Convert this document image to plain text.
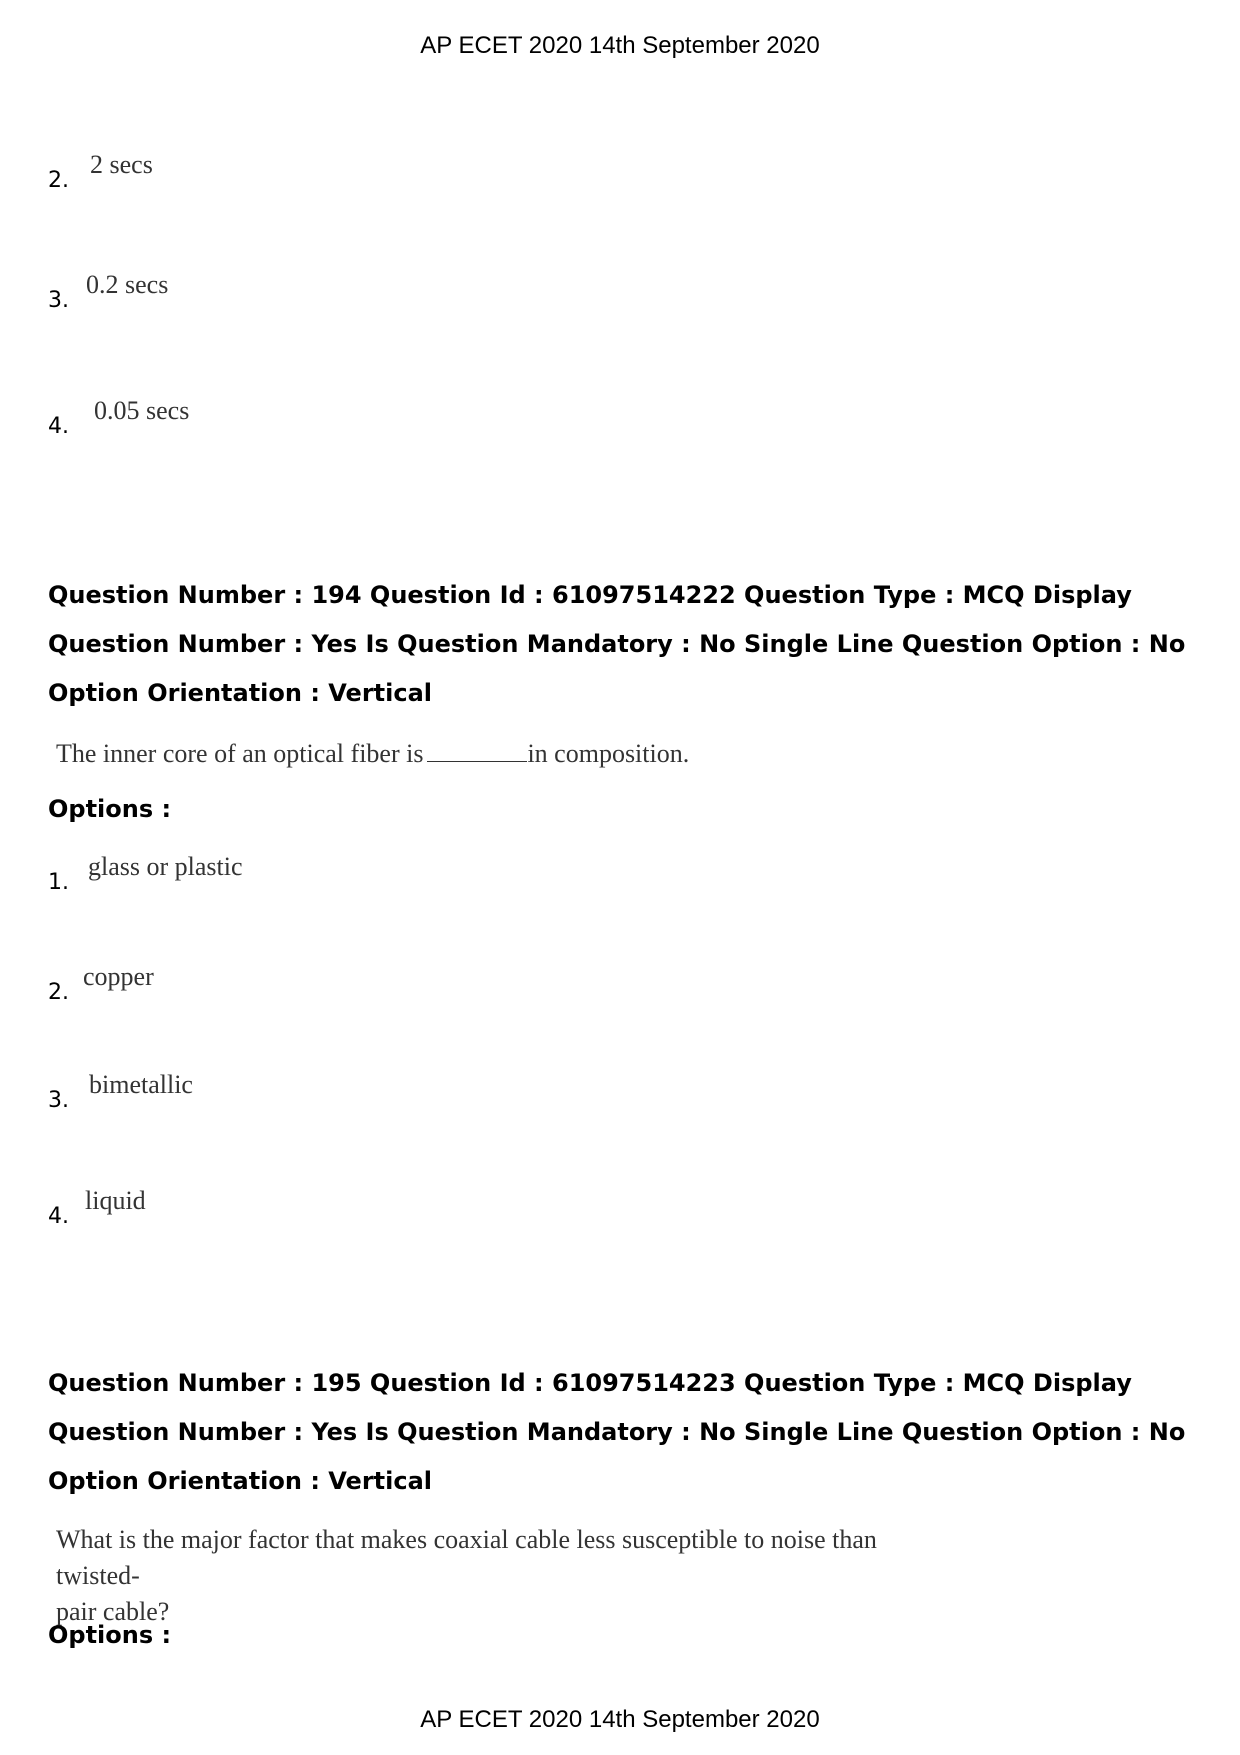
AP ECET 2020 14th September 2020
2.
2 secs
3.
0.2 secs
4.
0.05 secs
Question Number : 194 Question Id : 61097514222 Question Type : MCQ Display Question Number : Yes Is Question Mandatory : No Single Line Question Option : No Option Orientation : Vertical
The inner core of an optical fiber is	in composition.
Options :
1.
glass or plastic
2.
copper
3.
bimetallic
4.
liquid
Question Number : 195 Question Id : 61097514223 Question Type : MCQ Display Question Number : Yes Is Question Mandatory : No Single Line Question Option : No Option Orientation : Vertical
What is the major factor that makes coaxial cable less susceptible to noise than twisted-
pair cable?
Options :
AP ECET 2020 14th September 2020
